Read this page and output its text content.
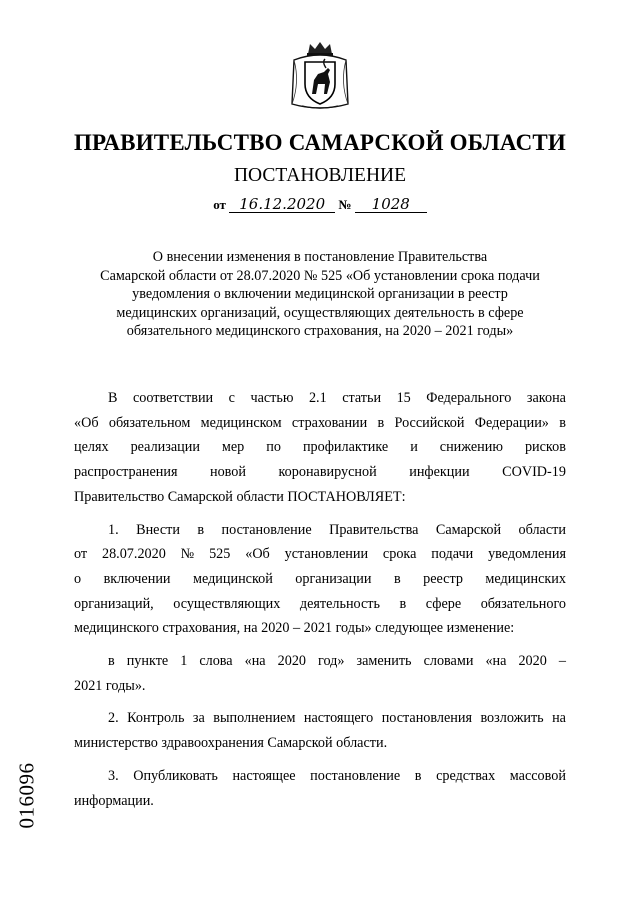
ПРАВИТЕЛЬСТВО САМАРСКОЙ ОБЛАСТИ
ПОСТАНОВЛЕНИЕ
от 16.12.2020 № 1028
О внесении изменения в постановление Правительства
Самарской области от 28.07.2020 № 525 «Об установлении срока подачи
уведомления о включении медицинской организации в реестр
медицинских организаций, осуществляющих деятельность в сфере
обязательного медицинского страхования, на 2020 – 2021 годы»
В соответствии с частью 2.1 статьи 15 Федерального закона
«Об обязательном медицинском страховании в Российской Федерации» в
целях реализации мер по профилактике и снижению рисков
распространения новой коронавирусной инфекции COVID-19
Правительство Самарской области ПОСТАНОВЛЯЕТ:
1. Внести в постановление Правительства Самарской области
от 28.07.2020 № 525 «Об установлении срока подачи уведомления
о включении медицинской организации в реестр медицинских
организаций, осуществляющих деятельность в сфере обязательного
медицинского страхования, на 2020 – 2021 годы» следующее изменение:
в пункте 1 слова «на 2020 год» заменить словами «на 2020 –
2021 годы».
2. Контроль за выполнением настоящего постановления возложить на
министерство здравоохранения Самарской области.
3. Опубликовать настоящее постановление в средствах массовой
информации.
016096
